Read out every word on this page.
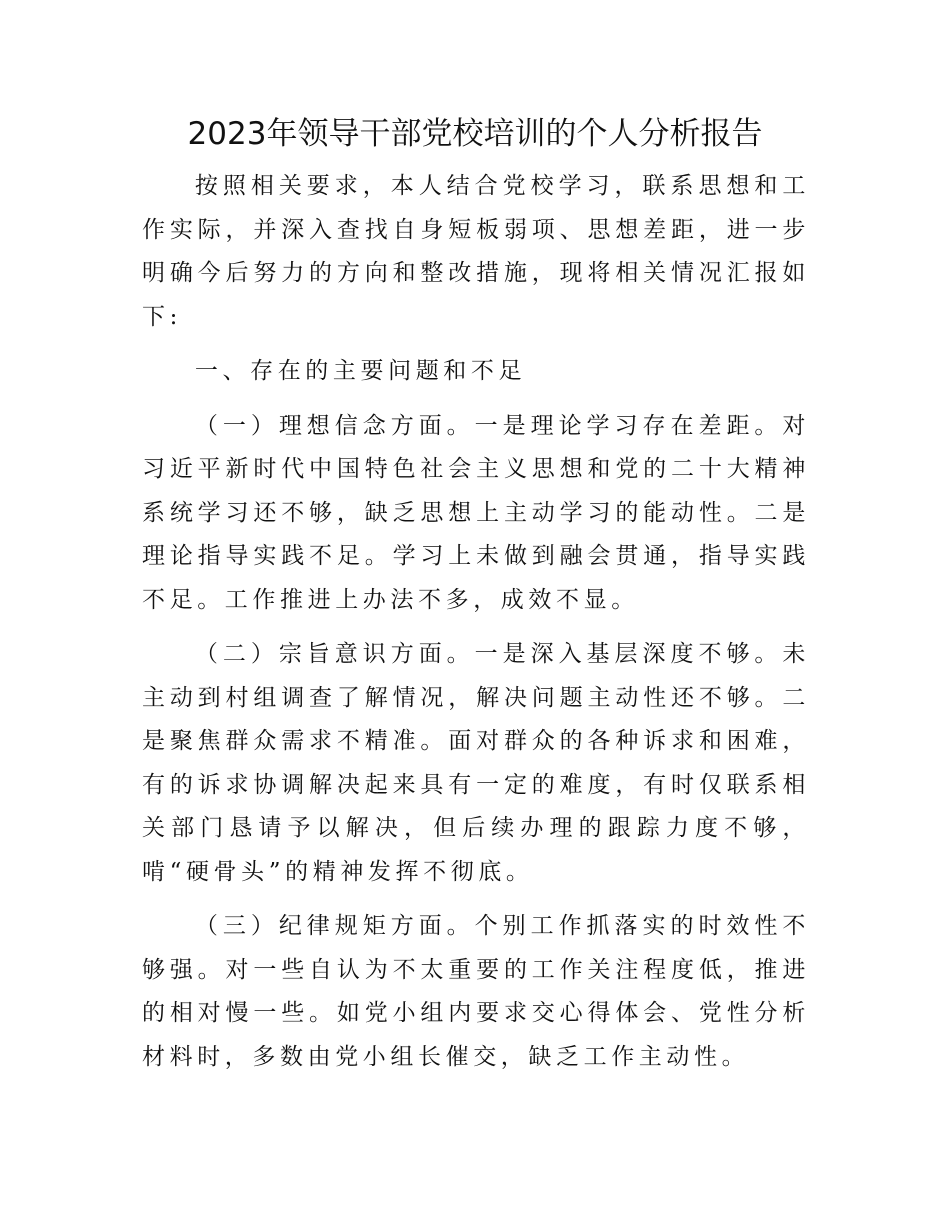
2023年领导干部党校培训的个人分析报告

按照相关要求，本人结合党校学习，联系思想和工作实际，并深入查找自身短板弱项、思想差距，进一步明确今后努力的方向和整改措施，现将相关情况汇报如下:

一、存在的主要问题和不足

（一）理想信念方面。一是理论学习存在差距。对习近平新时代中国特色社会主义思想和党的二十大精神系统学习还不够，缺乏思想上主动学习的能动性。二是理论指导实践不足。学习上未做到融会贯通，指导实践不足。工作推进上办法不多，成效不显。

（二）宗旨意识方面。一是深入基层深度不够。未主动到村组调查了解情况，解决问题主动性还不够。二是聚焦群众需求不精准。面对群众的各种诉求和困难，有的诉求协调解决起来具有一定的难度，有时仅联系相关部门恳请予以解决，但后续办理的跟踪力度不够，啃“硬骨头”的精神发挥不彻底。

（三）纪律规矩方面。个别工作抓落实的时效性不够强。对一些自认为不太重要的工作关注程度低，推进的相对慢一些。如党小组内要求交心得体会、党性分析材料时，多数由党小组长催交，缺乏工作主动性。
